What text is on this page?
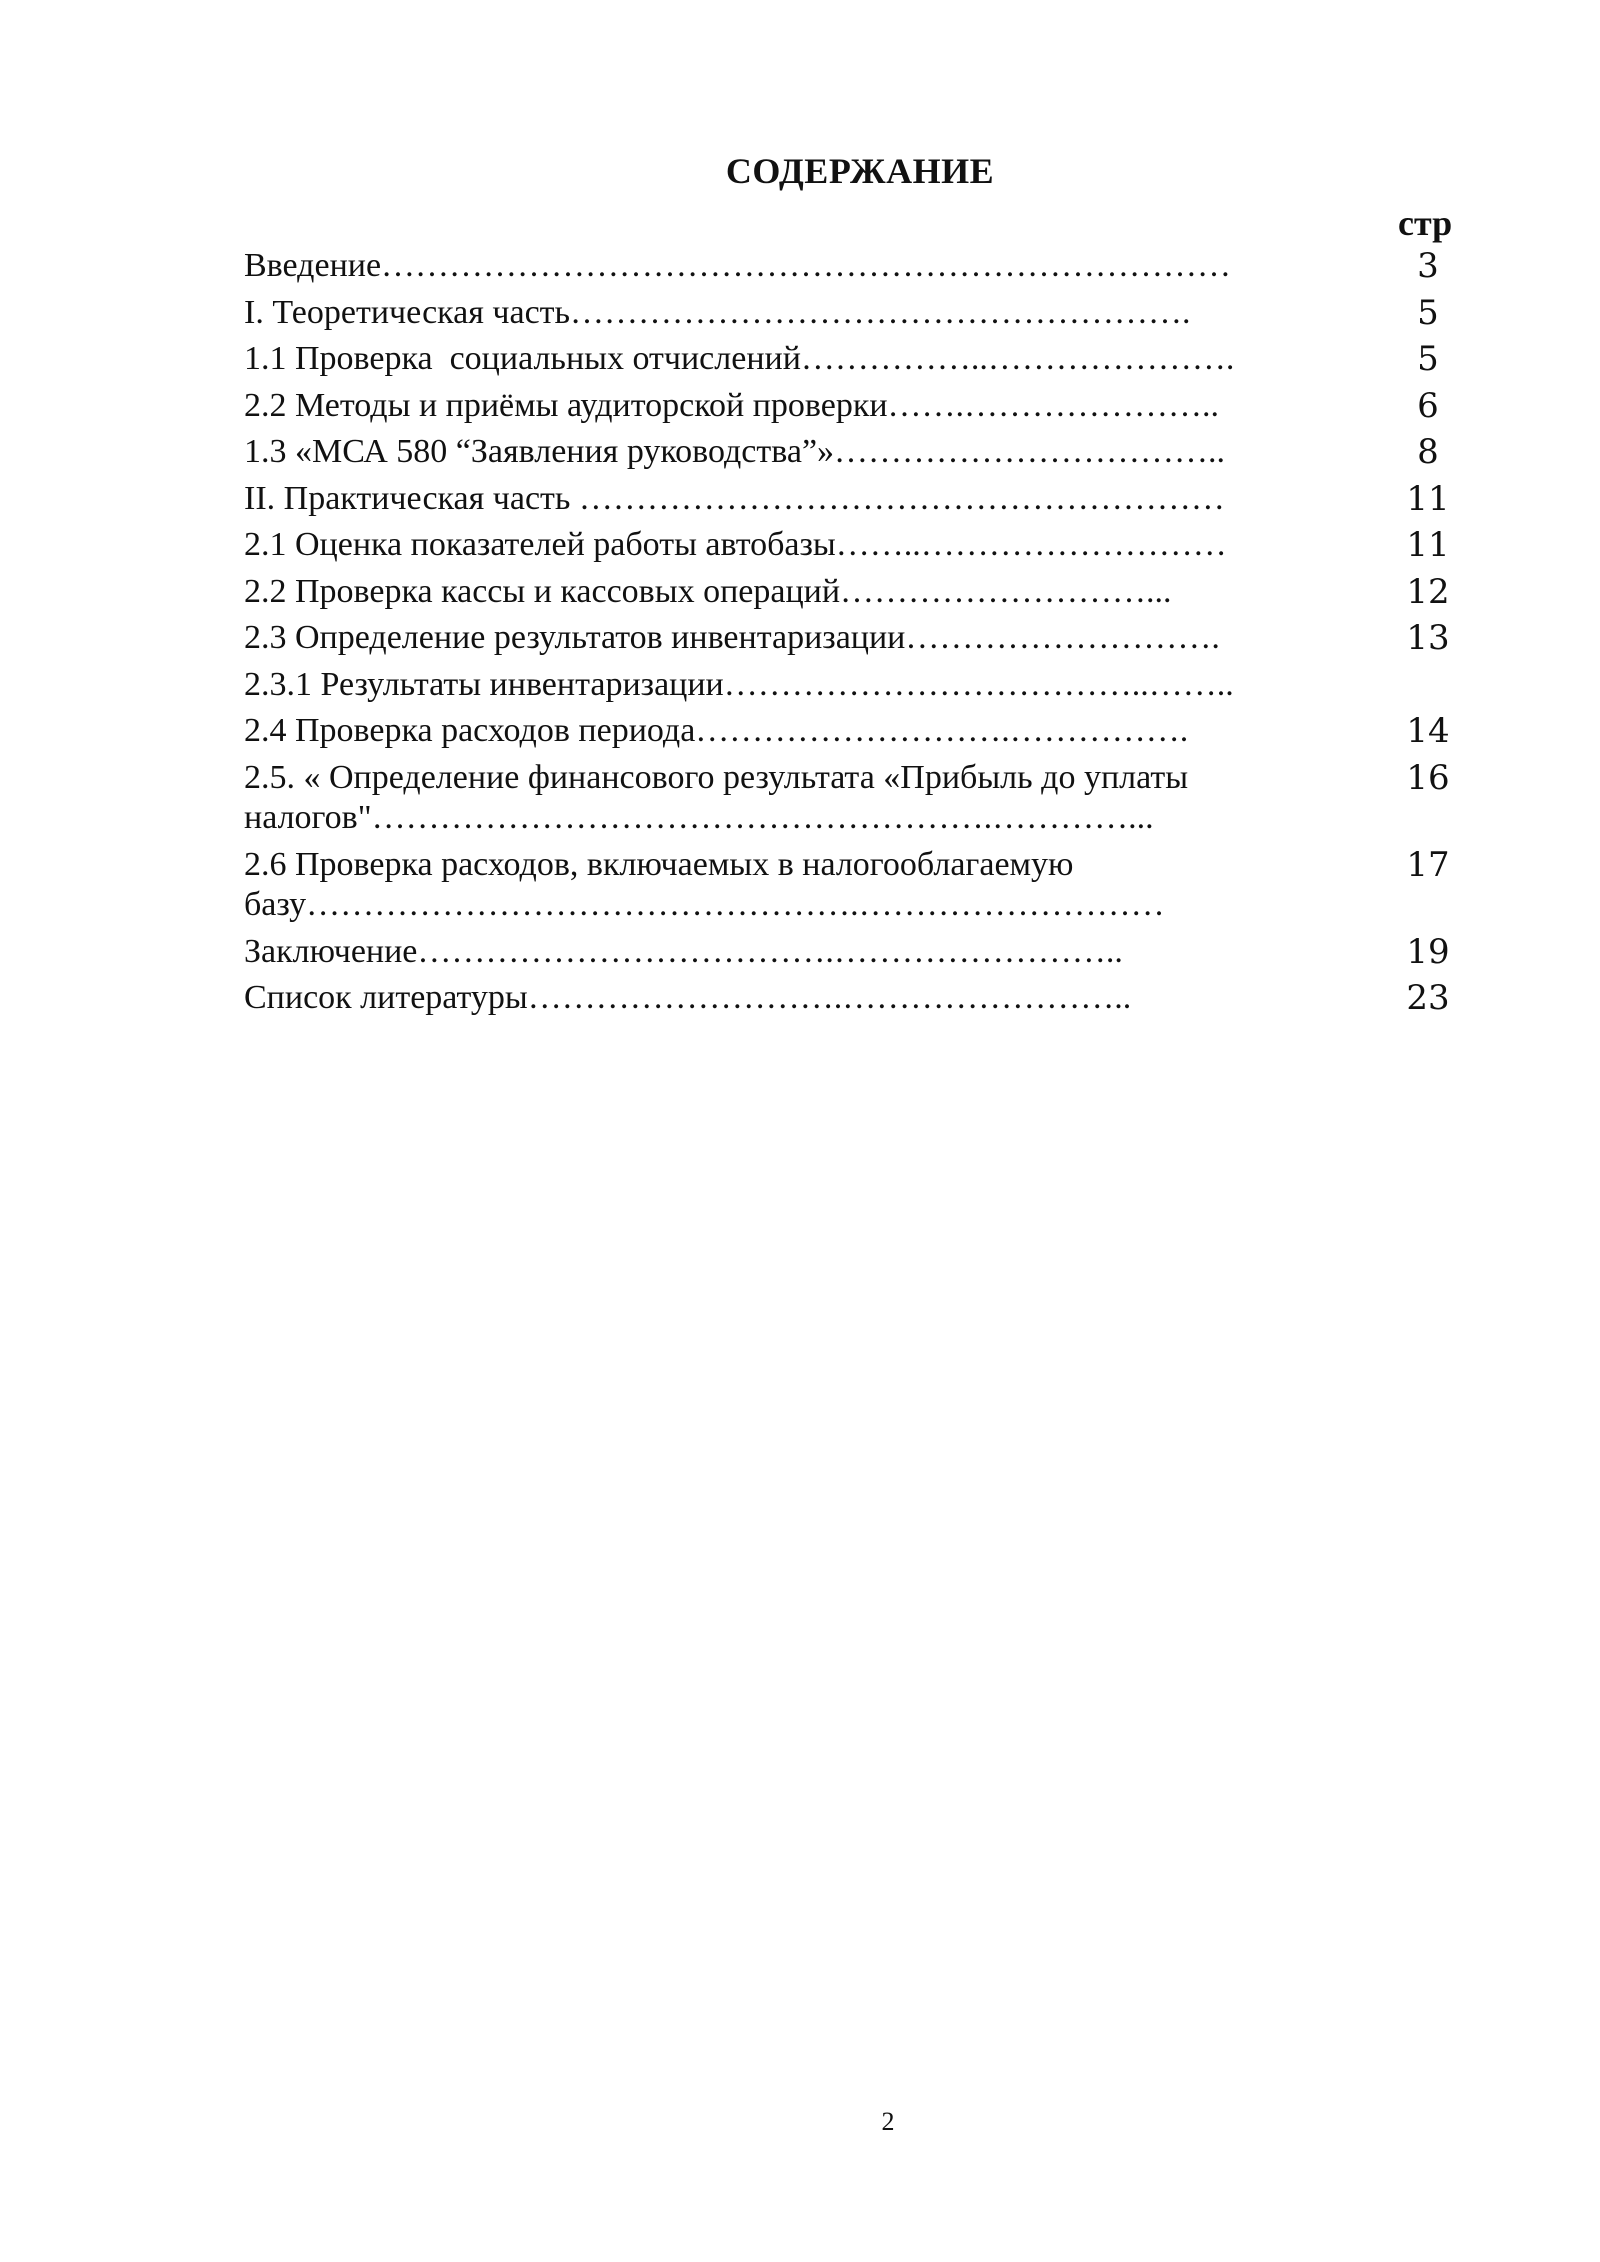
СОДЕРЖАНИЕ
стр
Введение…………………………………………………………………	3
I. Теоретическая часть……………………………………………….	5
1.1 Проверка  социальных отчислений……………..………………….	5
2.2 Методы и приёмы аудиторской проверки…….…………………..	6
1.3 «МСА 580 “Заявления руководства”»……………………………..	8
II. Практическая часть …………………………………………………	11
2.1 Оценка показателей работы автобазы……..………………………	11
2.2 Проверка кассы и кассовых операций………………………...	12
2.3 Определение результатов инвентаризации……………………….	13
2.3.1 Результаты инвентаризации………………………………..……..
2.4 Проверка расходов периода……………………….…………….	14
2.5. « Определение финансового результата «Прибыль до уплаты
налогов"……………………………………………….…………...
16
2.6 Проверка расходов, включаемых в налогооблагаемую
базу………………………………………….………………………
17
Заключение……………………………….……………………..	19
Список литературы……………………….……………………..	23
2
